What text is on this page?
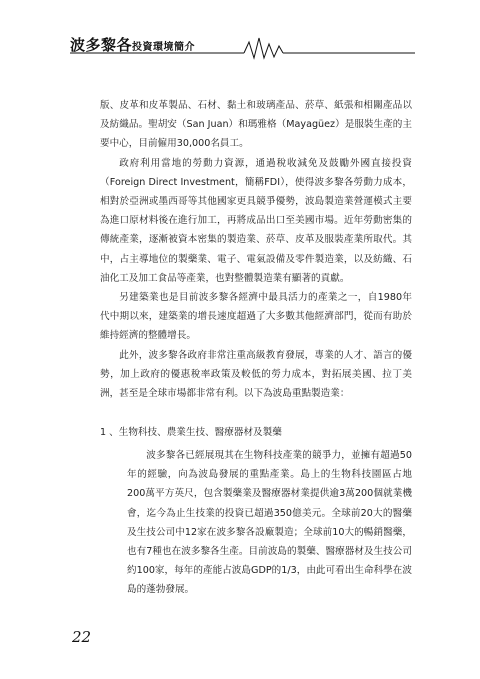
波多黎各投資環境簡介

版、皮革和皮革製品、石材、黏土和玻璃產品、菸草、紙張和相關產品以及紡織品。聖胡安（San Juan）和瑪雅格（Mayagüez）是服裝生產的主要中心，目前僱用30,000名員工。

政府利用當地的勞動力資源，通過稅收減免及鼓勵外國直接投資（Foreign Direct Investment，簡稱FDI），使得波多黎各勞動力成本，相對於亞洲或墨西哥等其他國家更具競爭優勢，波島製造業營運模式主要為進口原材料後在進行加工，再將成品出口至美國市場。近年勞動密集的傳統產業，逐漸被資本密集的製造業、菸草、皮革及服裝產業所取代。其中，占主導地位的製藥業、電子、電氣設備及零件製造業，以及紡織、石油化工及加工食品等產業，也對整體製造業有顯著的貢獻。

另建築業也是目前波多黎各經濟中最具活力的產業之一，自1980年代中期以來，建築業的增長速度超過了大多數其他經濟部門，從而有助於維持經濟的整體增長。

此外，波多黎各政府非常注重高級教育發展，專業的人才、語言的優勢，加上政府的優惠稅率政策及較低的勞力成本，對拓展美國、拉丁美洲，甚至是全球市場都非常有利。以下為波島重點製造業：

1 、生物科技、農業生技、醫療器材及製藥

波多黎各已經展現其在生物科技產業的競爭力，並擁有超過50年的經驗，向為波島發展的重點產業。島上的生物科技園區占地200萬平方英尺，包含製藥業及醫療器材業提供逾3萬200個就業機會，迄今為止生技業的投資已超過350億美元。全球前20大的醫藥及生技公司中12家在波多黎各設廠製造；全球前10大的暢銷醫藥，也有7種也在波多黎各生產。目前波島的製藥、醫療器材及生技公司約100家，每年的產能占波島GDP的1/3，由此可看出生命科學在波島的蓬勃發展。

22
